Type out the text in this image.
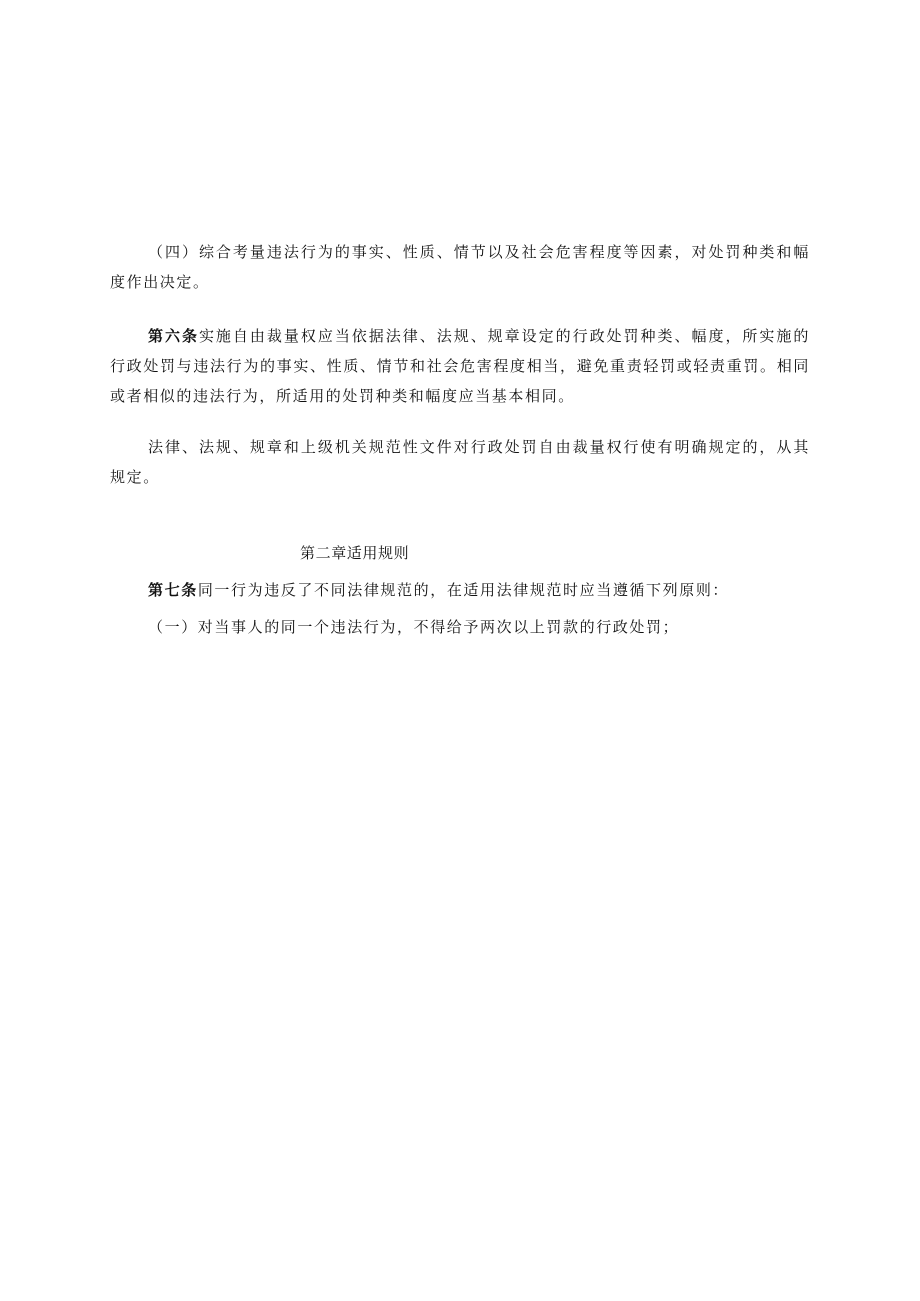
（四）综合考量违法行为的事实、性质、情节以及社会危害程度等因素，对处罚种类和幅度作出决定。

第六条实施自由裁量权应当依据法律、法规、规章设定的行政处罚种类、幅度，所实施的行政处罚与违法行为的事实、性质、情节和社会危害程度相当，避免重责轻罚或轻责重罚。相同或者相似的违法行为，所适用的处罚种类和幅度应当基本相同。

法律、法规、规章和上级机关规范性文件对行政处罚自由裁量权行使有明确规定的，从其规定。

第二章适用规则

第七条同一行为违反了不同法律规范的，在适用法律规范时应当遵循下列原则：

（一）对当事人的同一个违法行为，不得给予两次以上罚款的行政处罚；
